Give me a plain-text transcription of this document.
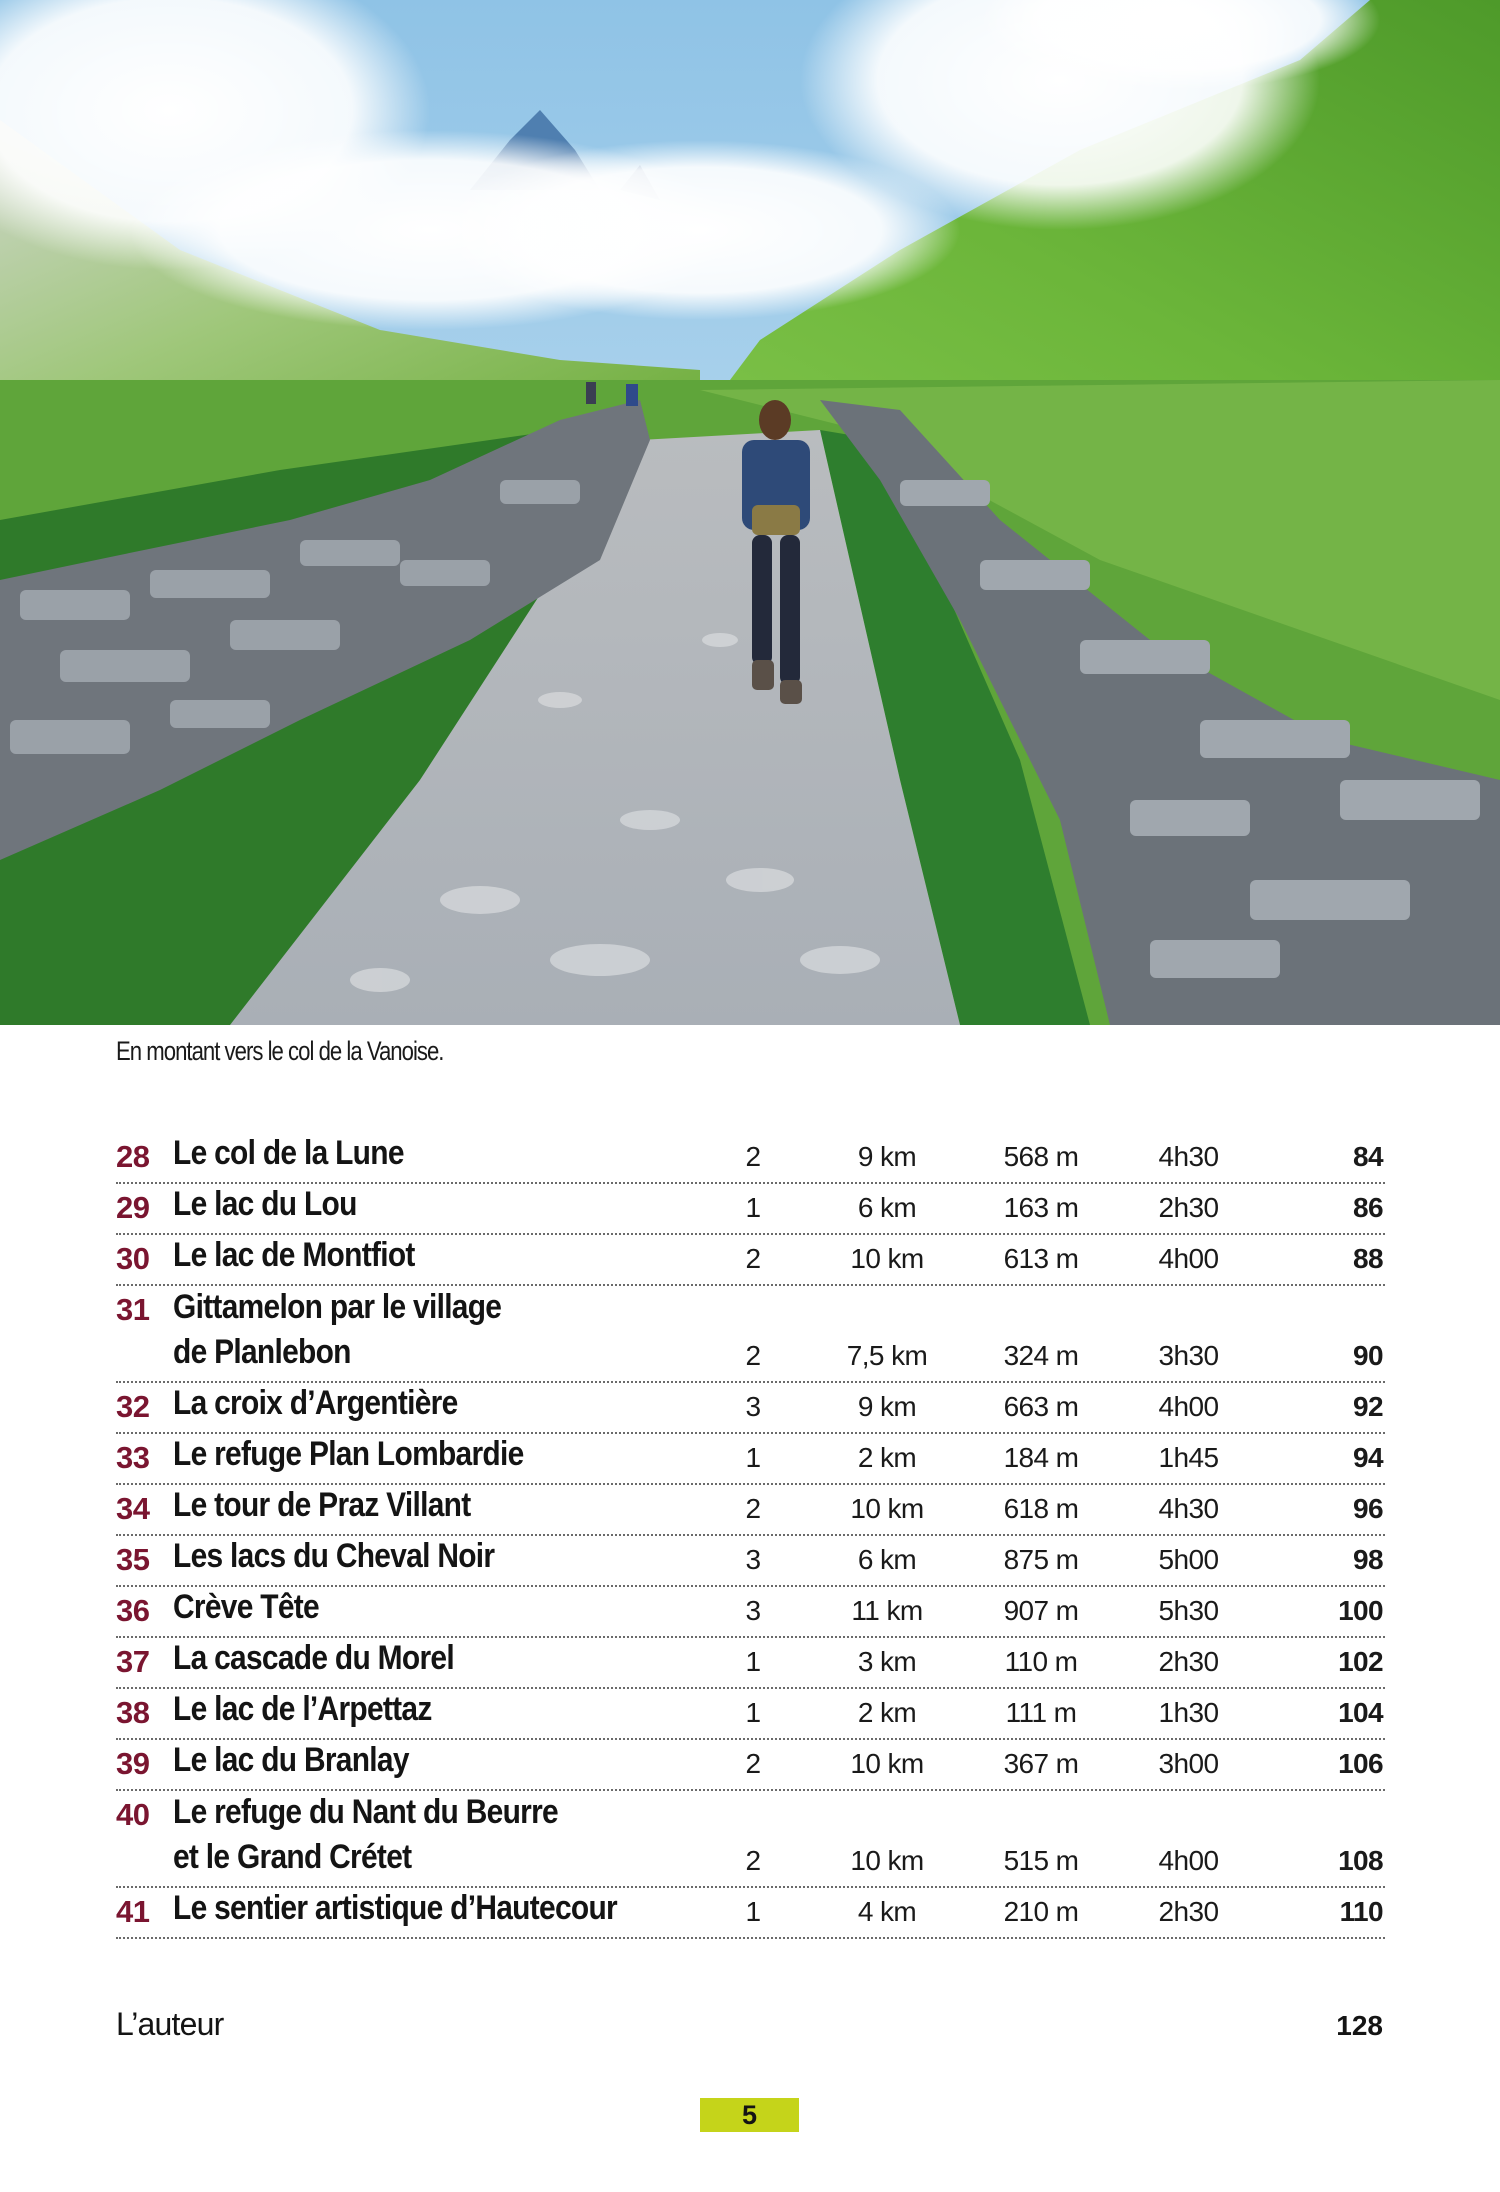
En montant vers le col de la Vanoise.
28 Le col de la Lune	2	9 km	568 m	4h30	84
29 Le lac du Lou	1	6 km	163 m	2h30	86
30 Le lac de Montfiot	2	10 km	613 m	4h00	88
31 Gittamelon par le village
de Planlebon	2	7,5 km	324 m	3h30	90
32 La croix d’Argentière	3	9 km	663 m	4h00	92
33 Le refuge Plan Lombardie	1	2 km	184 m	1h45	94
34 Le tour de Praz Villant	2	10 km	618 m	4h30	96
35 Les lacs du Cheval Noir	3	6 km	875 m	5h00	98
36 Crève Tête	3	11 km	907 m	5h30	100
37 La cascade du Morel	1	3 km	110 m	2h30	102
38 Le lac de l’Arpettaz	1	2 km	111 m	1h30	104
39 Le lac du Branlay	2	10 km	367 m	3h00	106
40 Le refuge du Nant du Beurre
et le Grand Crétet	2	10 km	515 m	4h00	108
41 Le sentier artistique d’Hautecour	1	4 km	210 m	2h30	110
L’auteur	128
5
